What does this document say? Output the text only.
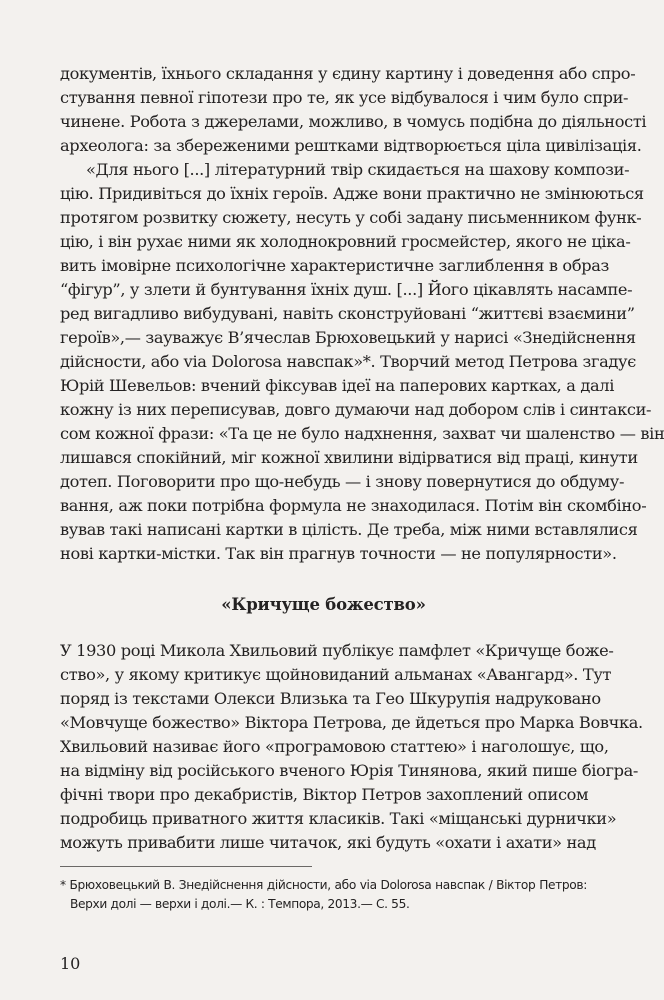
документів, їхнього складання у єдину картину і доведення або спро-
стування певної гіпотези про те, як усе відбувалося і чим було спри-
чинене. Робота з джерелами, можливо, в чомусь подібна до діяльності
археолога: за збереженими рештками відтворюється ціла цивілізація.
«Для нього [...] літературний твір скидається на шахову компози-
цію. Придивіться до їхніх героїв. Адже вони практично не змінюються
протягом розвитку сюжету, несуть у собі задану письменником функ-
цію, і він рухає ними як холоднокровний гросмейстер, якого не ціка-
вить імовірне психологічне характеристичне заглиблення в образ
“фігур”, у злети й бунтування їхніх душ. [...] Його цікавлять насампе-
ред вигадливо вибудувані, навіть сконструйовані “життєві взаємини”
героїв»,— зауважує В’ячеслав Брюховецький у нарисі «Знедійснення
дійсности, або via Dolorosa навспак»*. Творчий метод Петрова згадує
Юрій Шевельов: вчений фіксував ідеї на паперових картках, а далі
кожну із них переписував, довго думаючи над добором слів і синтакси-
сом кожної фрази: «Та це не було надхнення, захват чи шаленство — він
лишався спокійний, міг кожної хвилини відірватися від праці, кинути
дотеп. Поговорити про що-небудь — і знову повернутися до обдуму-
вання, аж поки потрібна формула не знаходилася. Потім він скомбіно-
вував такі написані картки в цілість. Де треба, між ними вставлялися
нові картки-містки. Так він прагнув точности — не популярности».
«Кричуще божество»
У 1930 році Микола Хвильовий публікує памфлет «Кричуще боже-
ство», у якому критикує щойновиданий альманах «Авангард». Тут
поряд із текстами Олекси Влизька та Гео Шкурупія надруковано
«Мовчуще божество» Віктора Петрова, де йдеться про Марка Вовчка.
Хвильовий називає його «програмовою статтею» і наголошує, що,
на відміну від російського вченого Юрія Тинянова, який пише біогра-
фічні твори про декабристів, Віктор Петров захоплений описом
подробиць приватного життя класиків. Такі «міщанські дурнички»
можуть привабити лише читачок, які будуть «охати і ахати» над
* Брюховецький В. Знедійснення дійсности, або via Dolorosa навспак / Віктор Петров:
Верхи долі — верхи і долі.— К. : Темпора, 2013.— С. 55.
10
